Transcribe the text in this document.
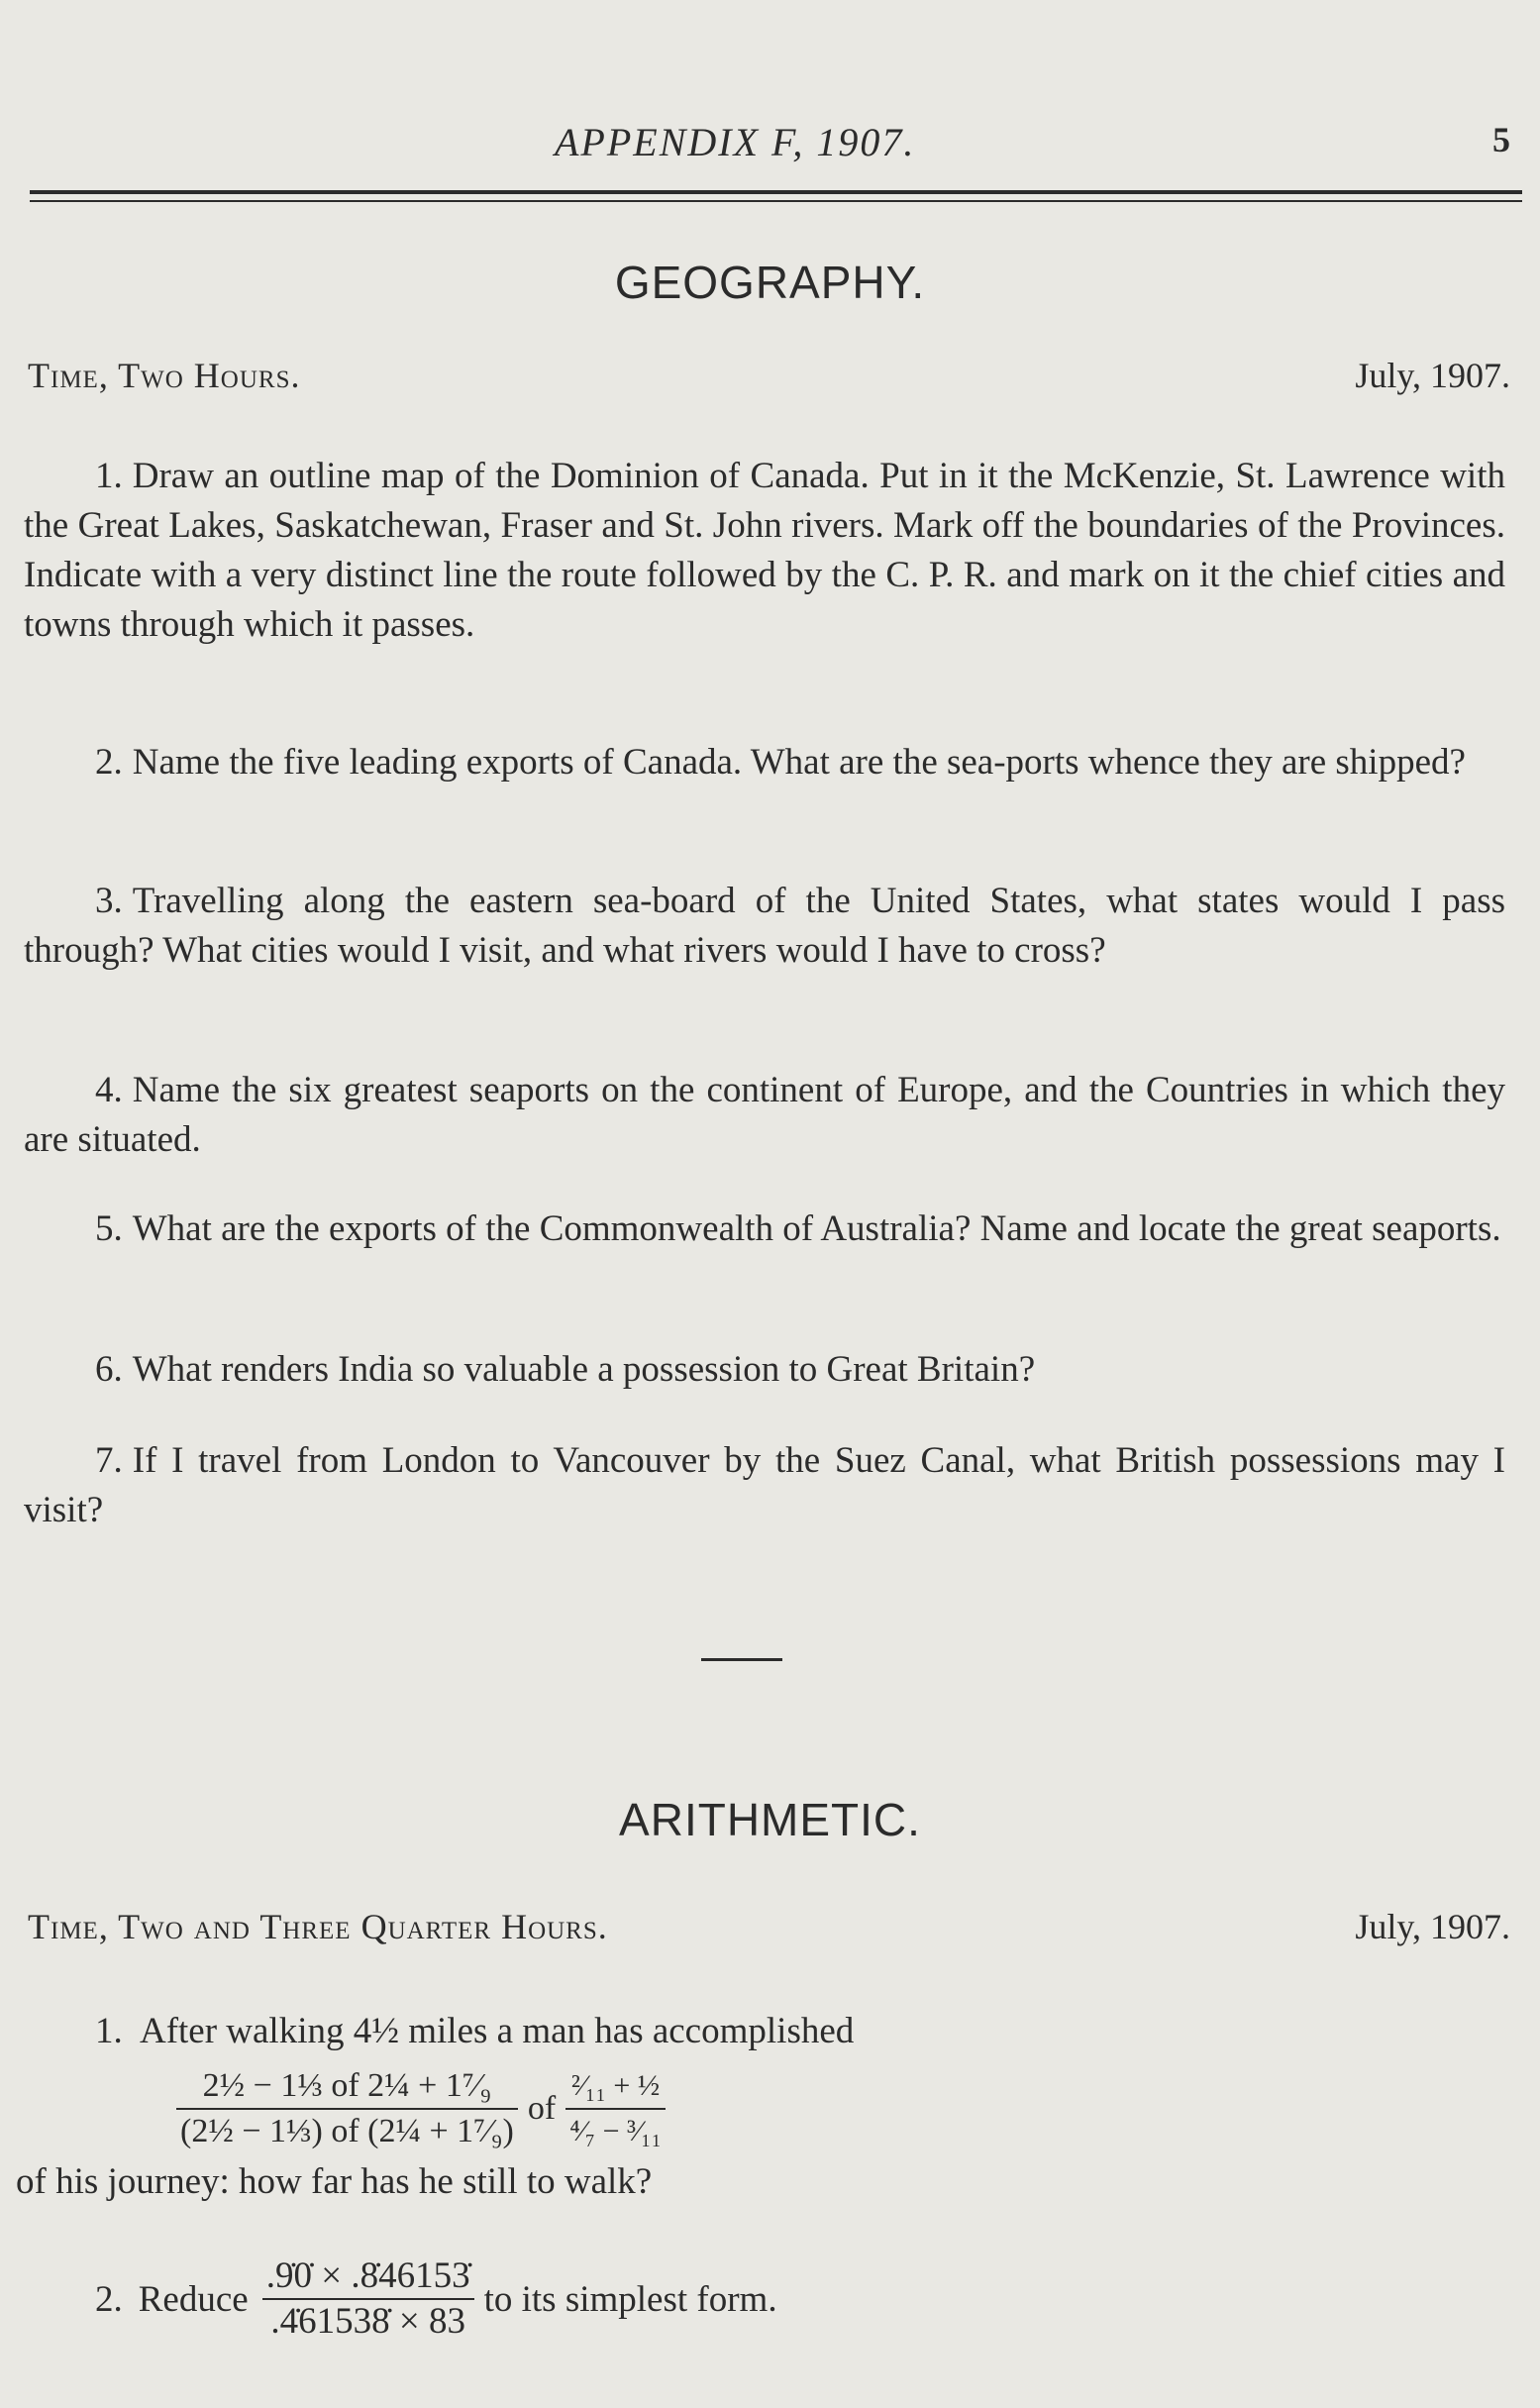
APPENDIX F, 1907.	5
GEOGRAPHY.
Time, Two Hours.	July, 1907.
1. Draw an outline map of the Dominion of Canada. Put in it the McKenzie, St. Lawrence with the Great Lakes, Saskatchewan, Fraser and St. John rivers. Mark off the boundaries of the Provinces. Indicate with a very distinct line the route followed by the C. P. R. and mark on it the chief cities and towns through which it passes.
2. Name the five leading exports of Canada. What are the sea-ports whence they are shipped?
3. Travelling along the eastern sea-board of the United States, what states would I pass through? What cities would I visit, and what rivers would I have to cross?
4. Name the six greatest seaports on the continent of Europe, and the Countries in which they are situated.
5. What are the exports of the Commonwealth of Australia? Name and locate the great seaports.
6. What renders India so valuable a possession to Great Britain?
7. If I travel from London to Vancouver by the Suez Canal, what British possessions may I visit?
ARITHMETIC.
Time, Two and Three Quarter Hours.	July, 1907.
1. After walking 4½ miles a man has accomplished
$\frac{\text{2½ − 1⅓ of 2¼ + 1⁷⁄₉}}{\text{(2½ − 1⅓) of (2¼ + 1⁷⁄₉)}}$ of $\frac{\text{²⁄₁₁ + ½}}{\text{⁴⁄₇ − ³⁄₁₁}}$
of his journey: how far has he still to walk?
2. Reduce $\frac{.9̇0̇ \times .8̇46153̇}{.4̇61538̇ \times 83}$ to its simplest form.
